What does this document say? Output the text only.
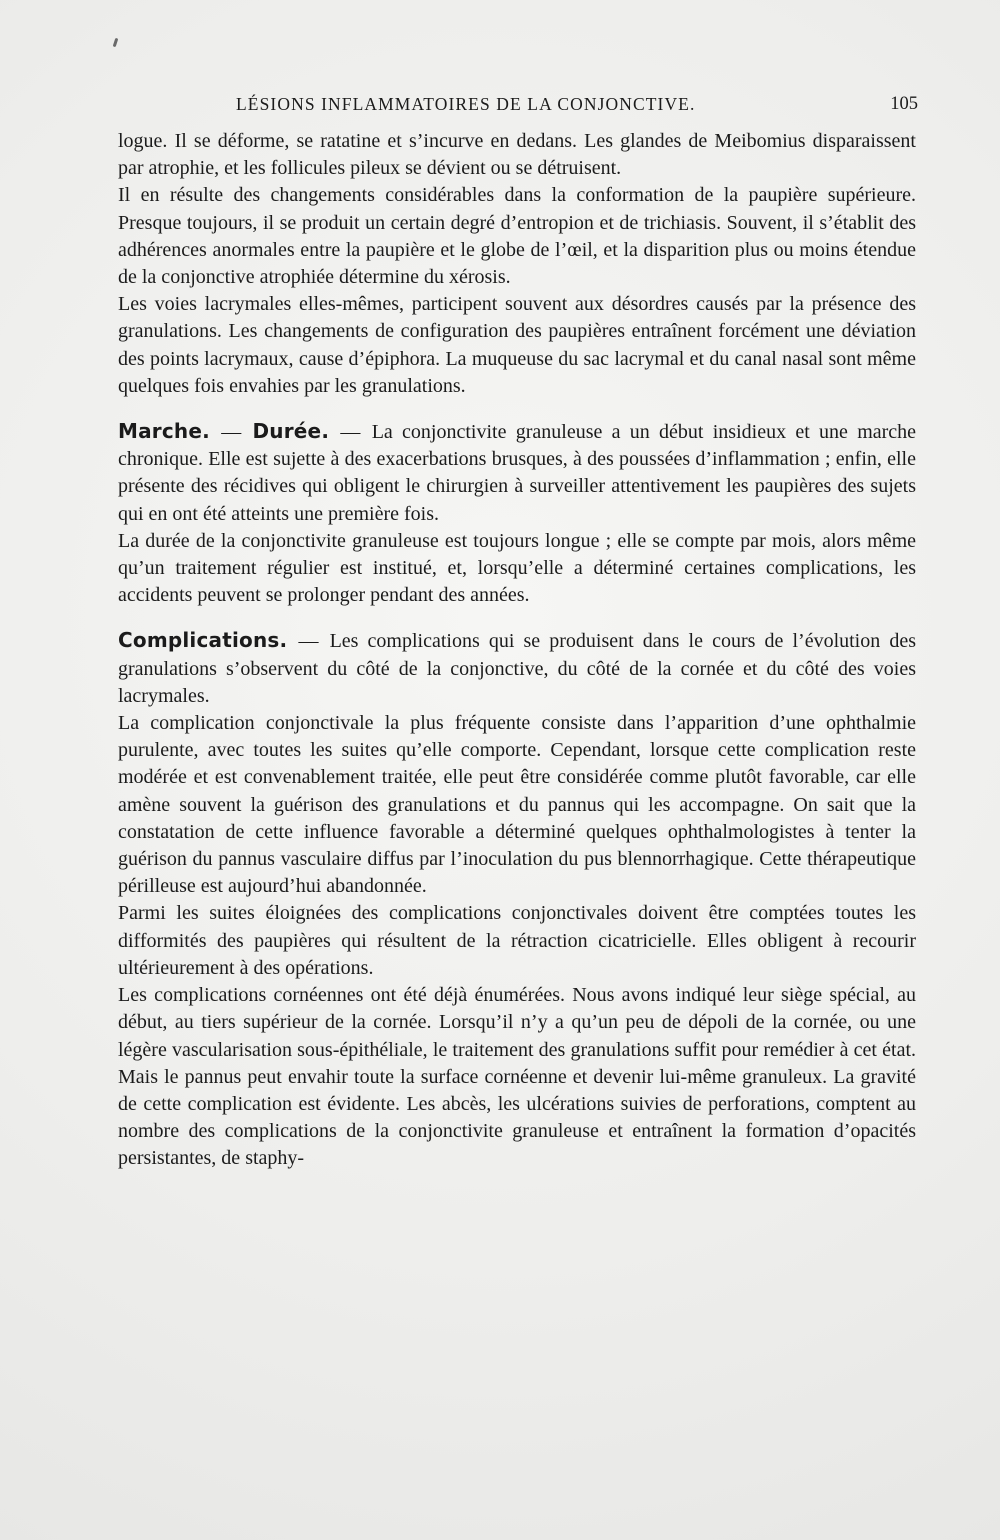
LÉSIONS INFLAMMATOIRES DE LA CONJONCTIVE.	105

logue. Il se déforme, se ratatine et s’incurve en dedans. Les glandes de Meibomius disparaissent par atrophie, et les follicules pileux se dévient ou se détruisent.

Il en résulte des changements considérables dans la conformation de la paupière supérieure. Presque toujours, il se produit un certain degré d’entropion et de trichiasis. Souvent, il s’établit des adhérences anormales entre la paupière et le globe de l’œil, et la disparition plus ou moins étendue de la conjonctive atrophiée détermine du xérosis.

Les voies lacrymales elles-mêmes, participent souvent aux désordres causés par la présence des granulations. Les changements de configuration des paupières entraînent forcément une déviation des points lacrymaux, cause d’épiphora. La muqueuse du sac lacrymal et du canal nasal sont même quelques fois envahies par les granulations.

Marche. — Durée. — La conjonctivite granuleuse a un début insidieux et une marche chronique. Elle est sujette à des exacerbations brusques, à des poussées d’inflammation ; enfin, elle présente des récidives qui obligent le chirurgien à surveiller attentivement les paupières des sujets qui en ont été atteints une première fois.

La durée de la conjonctivite granuleuse est toujours longue ; elle se compte par mois, alors même qu’un traitement régulier est institué, et, lorsqu’elle a déterminé certaines complications, les accidents peuvent se prolonger pendant des années.

Complications. — Les complications qui se produisent dans le cours de l’évolution des granulations s’observent du côté de la conjonctive, du côté de la cornée et du côté des voies lacrymales.

La complication conjonctivale la plus fréquente consiste dans l’apparition d’une ophthalmie purulente, avec toutes les suites qu’elle comporte. Cependant, lorsque cette complication reste modérée et est convenablement traitée, elle peut être considérée comme plutôt favorable, car elle amène souvent la guérison des granulations et du pannus qui les accompagne. On sait que la constatation de cette influence favorable a déterminé quelques ophthalmologistes à tenter la guérison du pannus vasculaire diffus par l’inoculation du pus blennorrhagique. Cette thérapeutique périlleuse est aujourd’hui abandonnée.

Parmi les suites éloignées des complications conjonctivales doivent être comptées toutes les difformités des paupières qui résultent de la rétraction cicatricielle. Elles obligent à recourir ultérieurement à des opérations.

Les complications cornéennes ont été déjà énumérées. Nous avons indiqué leur siège spécial, au début, au tiers supérieur de la cornée. Lorsqu’il n’y a qu’un peu de dépoli de la cornée, ou une légère vascularisation sous-épithéliale, le traitement des granulations suffit pour remédier à cet état. Mais le pannus peut envahir toute la surface cornéenne et devenir lui-même granuleux. La gravité de cette complication est évidente. Les abcès, les ulcérations suivies de perforations, comptent au nombre des complications de la conjonctivite granuleuse et entraînent la formation d’opacités persistantes, de staphy-
